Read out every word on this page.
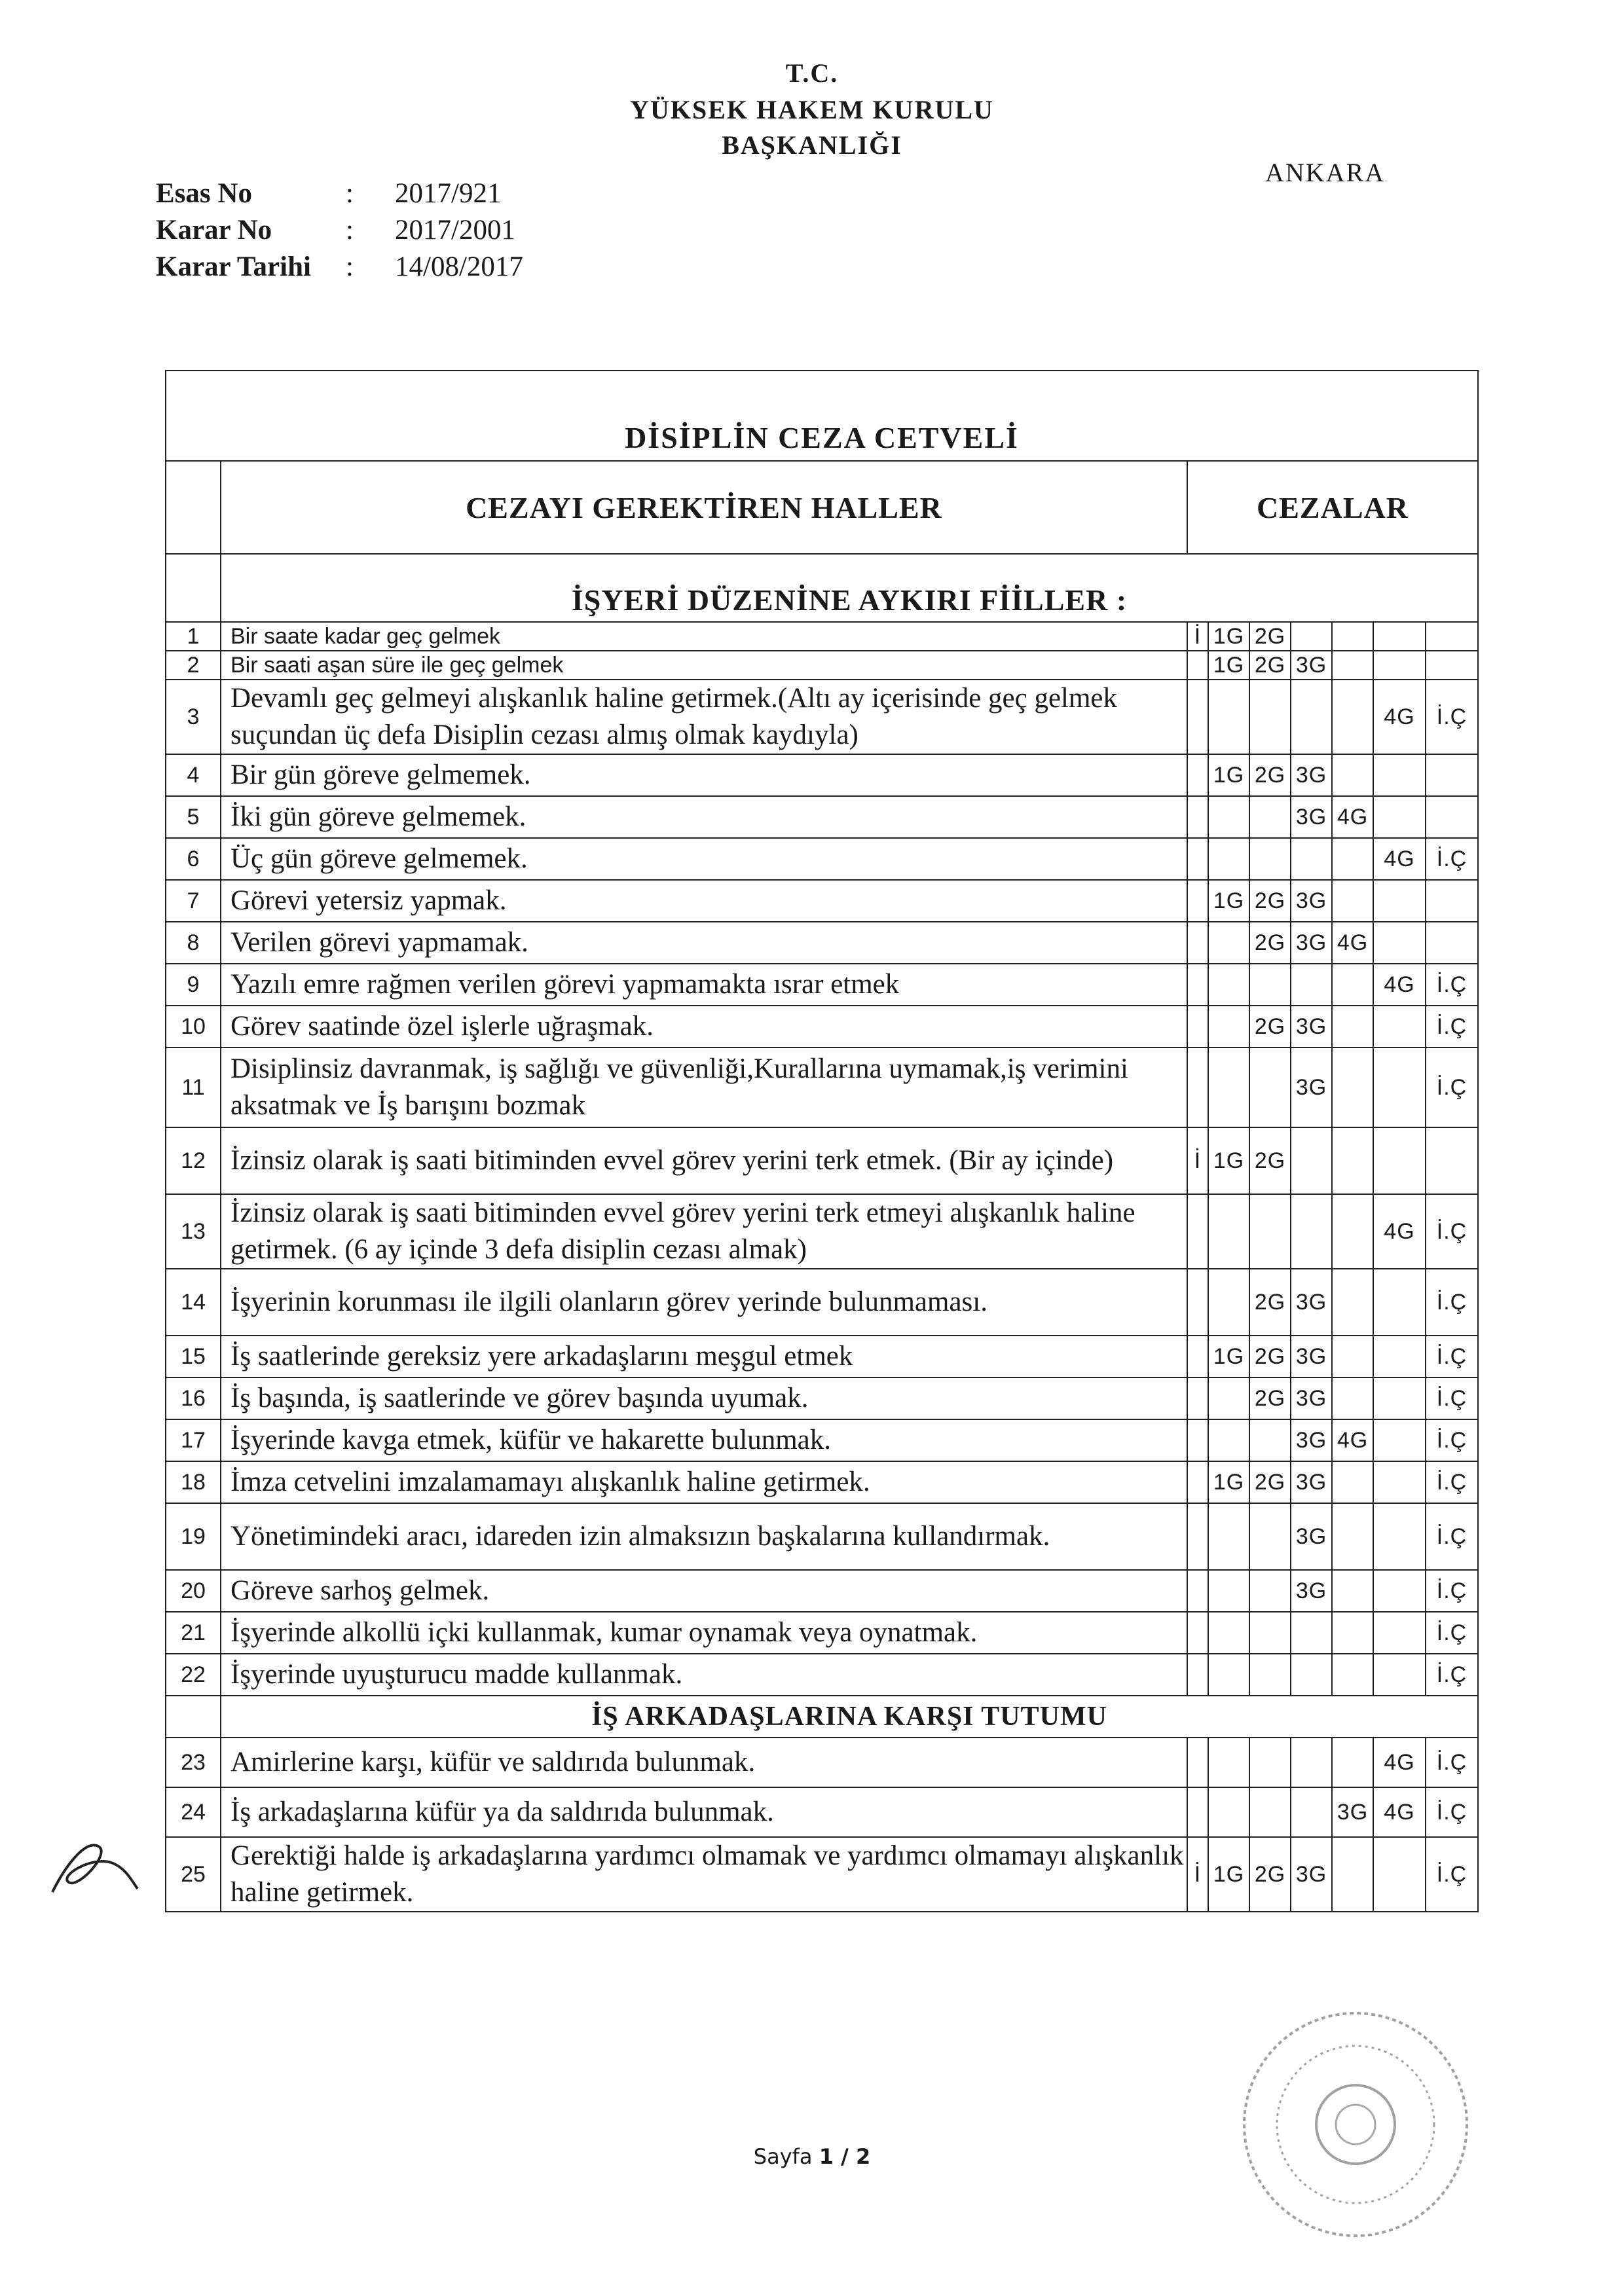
T.C.
YÜKSEK HAKEM KURULU
BAŞKANLIĞI
ANKARA
Esas No	:	2017/921
Karar No	:	2017/2001
Karar Tarihi	:	14/08/2017
DİSİPLİN CEZA CETVELİ								
	CEZAYI GEREKTİREN HALLER	CEZALAR						
	İŞYERİ DÜZENİNE AYKIRI FİİLLER :							
1	Bir saate kadar geç gelmek	İ	1G	2G				
2	Bir saati aşan süre ile geç gelmek		1G	2G	3G			
3	Devamlı geç gelmeyi alışkanlık haline getirmek.(Altı ay içerisinde geç gelmek suçundan üç defa Disiplin cezası almış olmak kaydıyla)						4G	İ.Ç
4	Bir gün göreve gelmemek.		1G	2G	3G			
5	İki gün göreve gelmemek.				3G	4G		
6	Üç gün göreve gelmemek.						4G	İ.Ç
7	Görevi yetersiz yapmak.		1G	2G	3G			
8	Verilen görevi yapmamak.			2G	3G	4G		
9	Yazılı emre rağmen verilen görevi yapmamakta ısrar etmek						4G	İ.Ç
10	Görev saatinde özel işlerle uğraşmak.			2G	3G			İ.Ç
11	Disiplinsiz davranmak, iş sağlığı ve güvenliği,Kurallarına uymamak,iş verimini aksatmak ve İş barışını bozmak				3G			İ.Ç
12	İzinsiz olarak iş saati bitiminden evvel görev yerini terk etmek. (Bir ay içinde)	İ	1G	2G				
13	İzinsiz olarak iş saati bitiminden evvel görev yerini terk etmeyi alışkanlık haline getirmek. (6 ay içinde 3 defa disiplin cezası almak)						4G	İ.Ç
14	İşyerinin korunması ile ilgili olanların görev yerinde bulunmaması.			2G	3G			İ.Ç
15	İş saatlerinde gereksiz yere arkadaşlarını meşgul etmek		1G	2G	3G			İ.Ç
16	İş başında, iş saatlerinde ve görev başında uyumak.			2G	3G			İ.Ç
17	İşyerinde kavga etmek, küfür ve hakarette bulunmak.				3G	4G		İ.Ç
18	İmza cetvelini imzalamamayı alışkanlık haline getirmek.		1G	2G	3G			İ.Ç
19	Yönetimindeki aracı, idareden izin almaksızın başkalarına kullandırmak.				3G			İ.Ç
20	Göreve sarhoş gelmek.				3G			İ.Ç
21	İşyerinde alkollü içki kullanmak, kumar oynamak veya oynatmak.							İ.Ç
22	İşyerinde uyuşturucu madde kullanmak.							İ.Ç
	İŞ ARKADAŞLARINA KARŞI TUTUMU							
23	Amirlerine karşı, küfür ve saldırıda bulunmak.						4G	İ.Ç
24	İş arkadaşlarına küfür ya da saldırıda bulunmak.					3G	4G	İ.Ç
25	Gerektiği halde iş arkadaşlarına yardımcı olmamak ve yardımcı olmamayı alışkanlık haline getirmek.	İ	1G	2G	3G			İ.Ç
Sayfa 1 / 2
